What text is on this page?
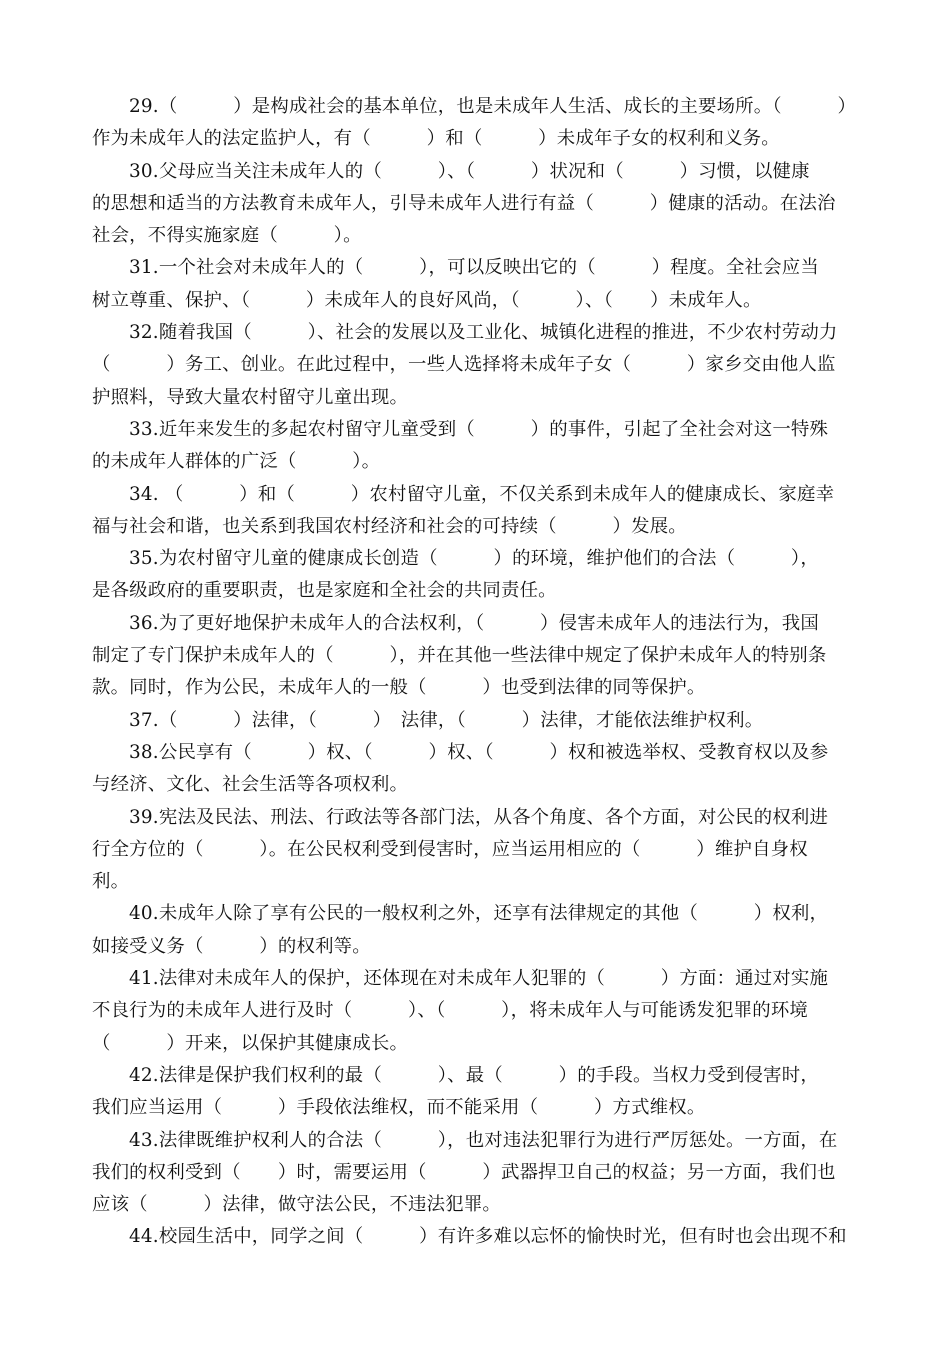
29.（　　　）是构成社会的基本单位，也是未成年人生活、成长的主要场所。（　　　）
作为未成年人的法定监护人，有（　　　）和（　　　）未成年子女的权利和义务。
30.父母应当关注未成年人的（　　　）、（　　　）状况和（　　　）习惯，以健康
的思想和适当的方法教育未成年人，引导未成年人进行有益（　　　）健康的活动。在法治
社会，不得实施家庭（　　　）。
31.一个社会对未成年人的（　　　），可以反映出它的（　　　）程度。全社会应当
树立尊重、保护、（　　　）未成年人的良好风尚，（　　　）、（　　）未成年人。
32.随着我国（　　　）、社会的发展以及工业化、城镇化进程的推进，不少农村劳动力
（　　　）务工、创业。在此过程中，一些人选择将未成年子女（　　　）家乡交由他人监
护照料，导致大量农村留守儿童出现。
33.近年来发生的多起农村留守儿童受到（　　　）的事件，引起了全社会对这一特殊
的未成年人群体的广泛（　　　）。
34. （　　　）和（　　　）农村留守儿童，不仅关系到未成年人的健康成长、家庭幸
福与社会和谐，也关系到我国农村经济和社会的可持续（　　　）发展。
35.为农村留守儿童的健康成长创造（　　　）的环境，维护他们的合法（　　　），
是各级政府的重要职责，也是家庭和全社会的共同责任。
36.为了更好地保护未成年人的合法权利，（　　　）侵害未成年人的违法行为，我国
制定了专门保护未成年人的（　　　），并在其他一些法律中规定了保护未成年人的特别条
款。同时，作为公民，未成年人的一般（　　　）也受到法律的同等保护。
37.（　　　）法律，（　　　）　法律，（　　　）法律，才能依法维护权利。
38.公民享有（　　　）权、（　　　）权、（　　　）权和被选举权、受教育权以及参
与经济、文化、社会生活等各项权利。
39.宪法及民法、刑法、行政法等各部门法，从各个角度、各个方面，对公民的权利进
行全方位的（　　　）。在公民权利受到侵害时，应当运用相应的（　　　）维护自身权
利。
40.未成年人除了享有公民的一般权利之外，还享有法律规定的其他（　　　）权利，
如接受义务（　　　）的权利等。
41.法律对未成年人的保护，还体现在对未成年人犯罪的（　　　）方面：通过对实施
不良行为的未成年人进行及时（　　　）、（　　　），将未成年人与可能诱发犯罪的环境
（　　　）开来，以保护其健康成长。
42.法律是保护我们权利的最（　　　）、最（　　　）的手段。当权力受到侵害时，
我们应当运用（　　　）手段依法维权，而不能采用（　　　）方式维权。
43.法律既维护权利人的合法（　　　），也对违法犯罪行为进行严厉惩处。一方面，在
我们的权利受到（　　）时，需要运用（　　　）武器捍卫自己的权益；另一方面，我们也
应该（　　　）法律，做守法公民，不违法犯罪。
44.校园生活中，同学之间（　　　）有许多难以忘怀的愉快时光，但有时也会出现不和
